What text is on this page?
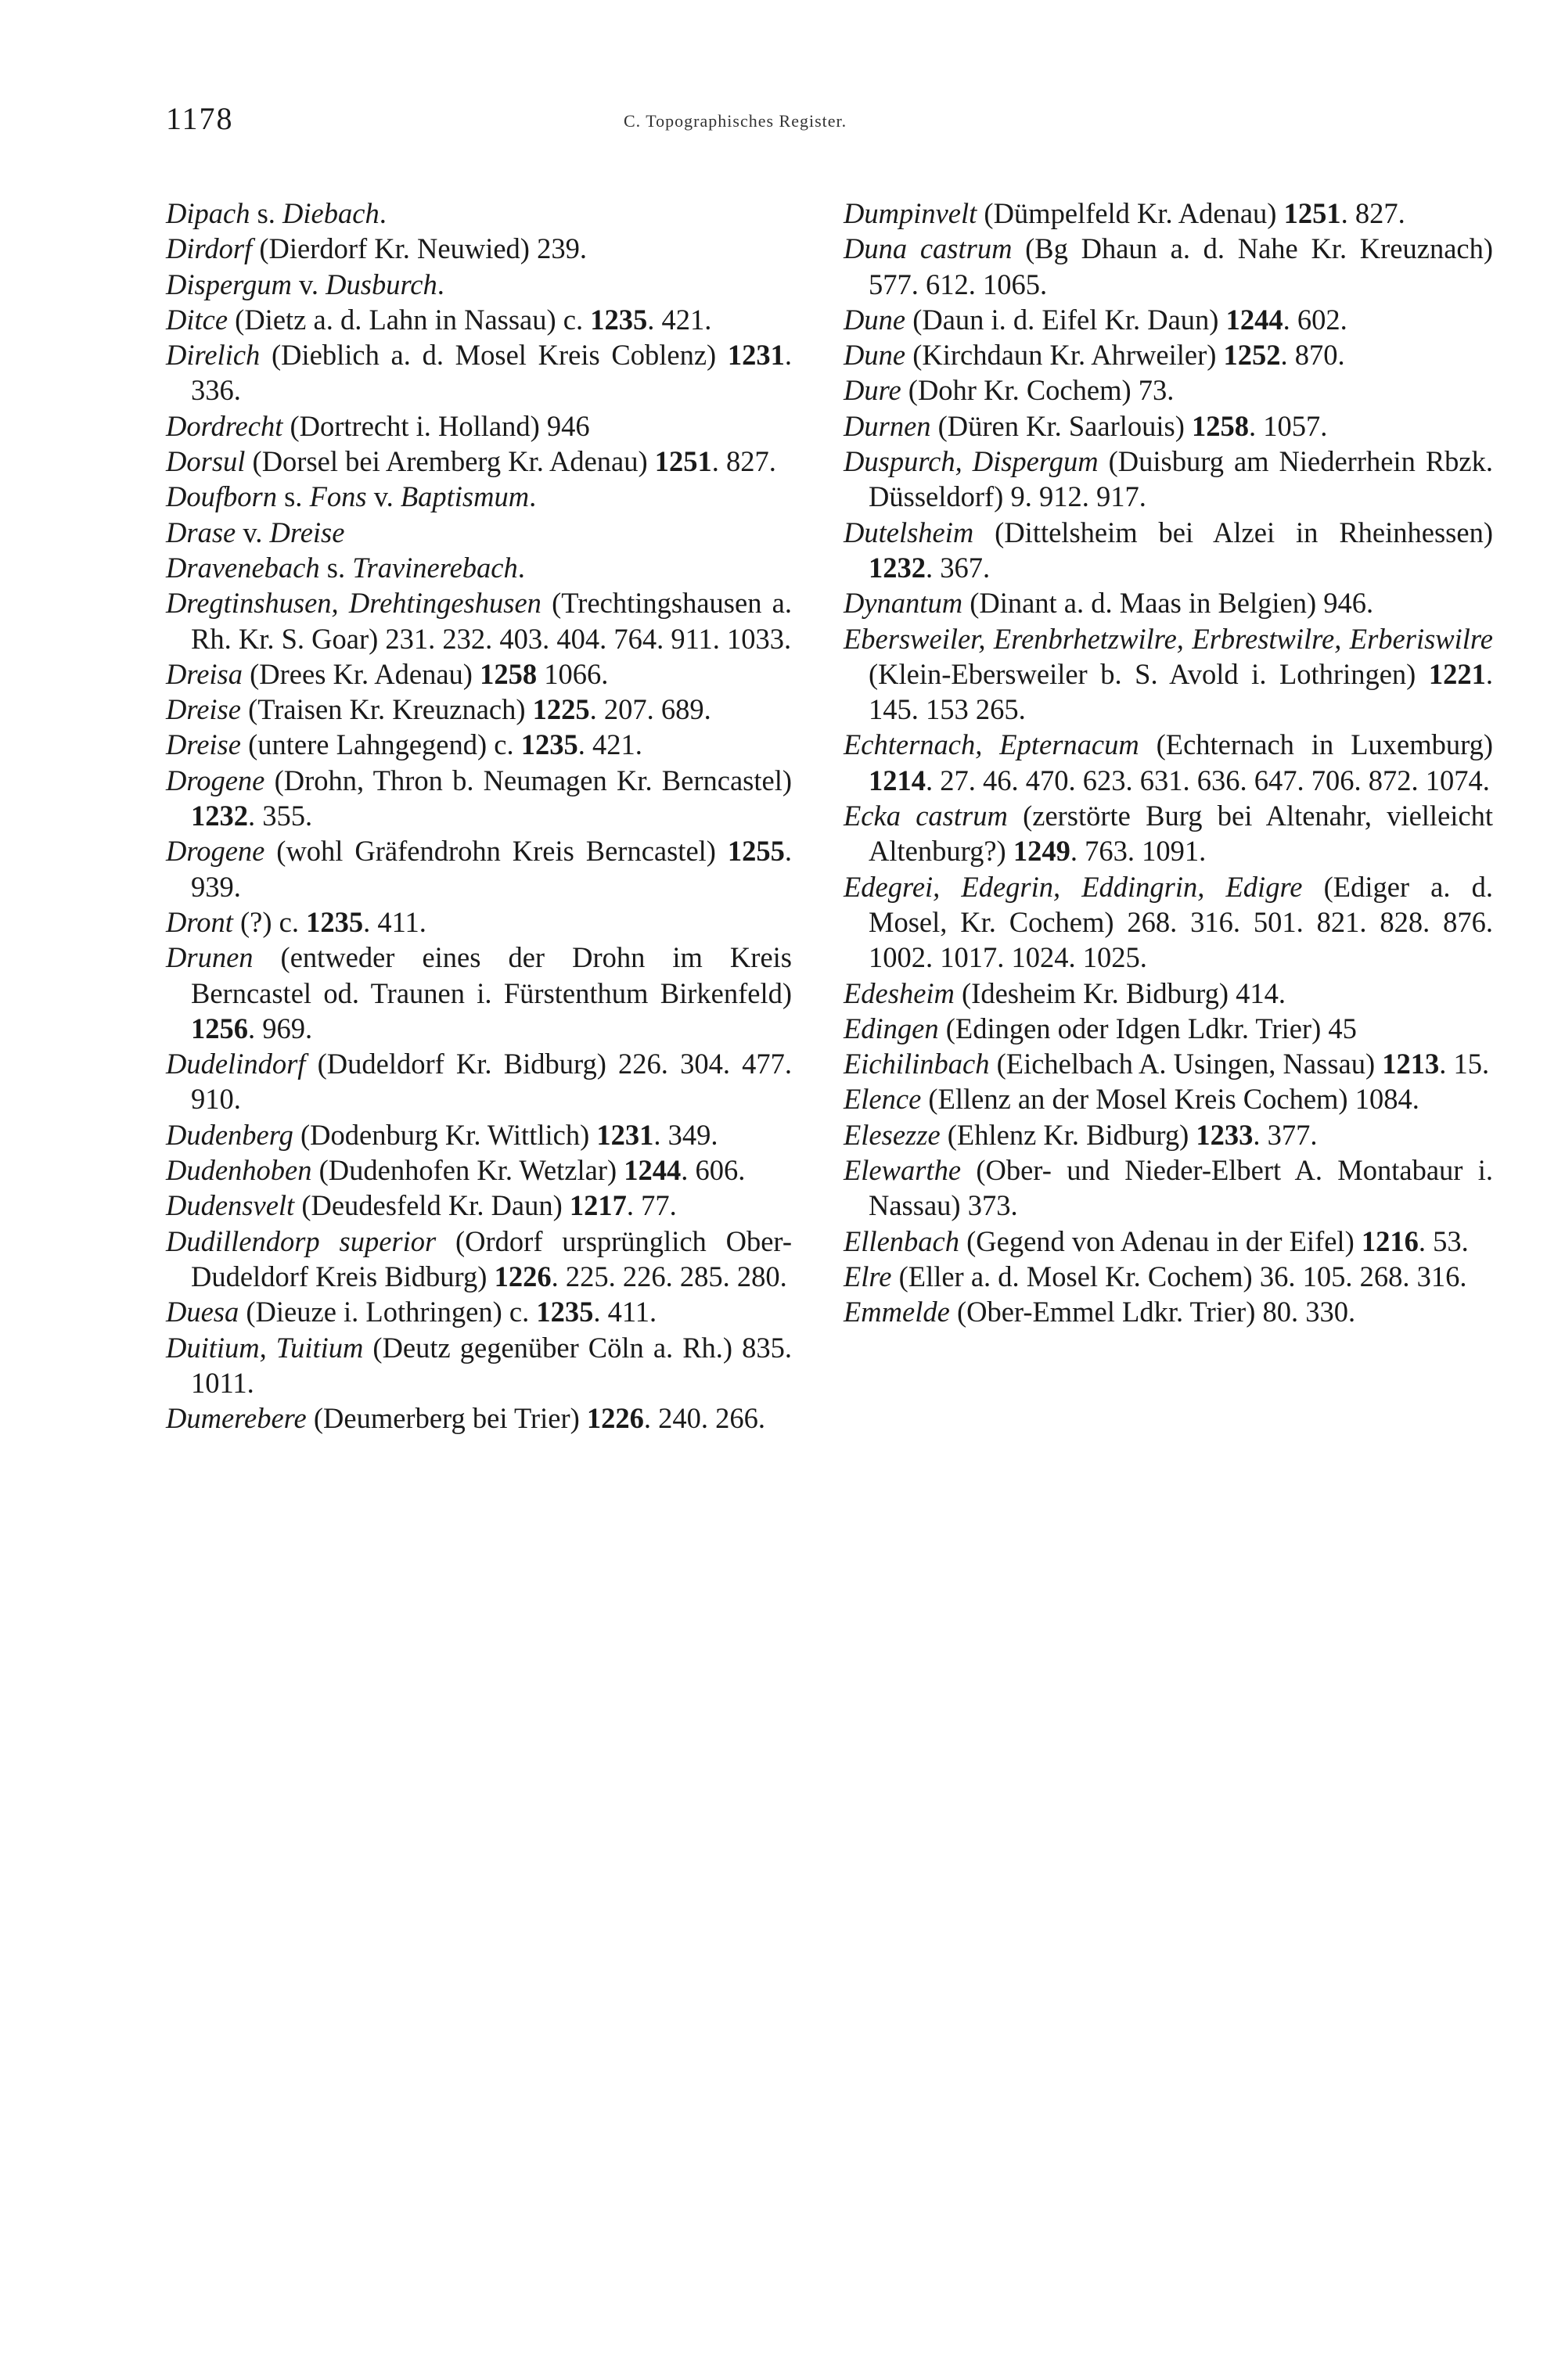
1178	C. Topographisches Register.

Dipach s. Diebach.

Dirdorf (Dierdorf Kr. Neuwied) 239.

Dispergum v. Dusburch.

Ditce (Dietz a. d. Lahn in Nassau) c. 1235. 421.

Direlich (Dieblich a. d. Mosel Kreis Coblenz) 1231. 336.

Dordrecht (Dortrecht i. Holland) 946

Dorsul (Dorsel bei Aremberg Kr. Adenau) 1251. 827.

Doufborn s. Fons v. Baptismum.

Drase v. Dreise

Dravenebach s. Travinerebach.

Dregtinshusen, Drehtingeshusen (Trechtingshausen a. Rh. Kr. S. Goar) 231. 232. 403. 404. 764. 911. 1033.

Dreisa (Drees Kr. Adenau) 1258 1066.

Dreise (Traisen Kr. Kreuznach) 1225. 207. 689.

Dreise (untere Lahngegend) c. 1235. 421.

Drogene (Drohn, Thron b. Neumagen Kr. Berncastel) 1232. 355.

Drogene (wohl Gräfendrohn Kreis Berncastel) 1255. 939.

Dront (?) c. 1235. 411.

Drunen (entweder eines der Drohn im Kreis Berncastel od. Traunen i. Fürstenthum Birkenfeld) 1256. 969.

Dudelindorf (Dudeldorf Kr. Bidburg) 226. 304. 477. 910.

Dudenberg (Dodenburg Kr. Wittlich) 1231. 349.

Dudenhoben (Dudenhofen Kr. Wetzlar) 1244. 606.

Dudensvelt (Deudesfeld Kr. Daun) 1217. 77.

Dudillendorp superior (Ordorf ursprünglich Ober-Dudeldorf Kreis Bidburg) 1226. 225. 226. 285. 280.

Duesa (Dieuze i. Lothringen) c. 1235. 411.

Duitium, Tuitium (Deutz gegenüber Cöln a. Rh.) 835. 1011.

Dumerebere (Deumerberg bei Trier) 1226. 240. 266.

Dumpinvelt (Dümpelfeld Kr. Adenau) 1251. 827.

Duna castrum (Bg Dhaun a. d. Nahe Kr. Kreuznach) 577. 612. 1065.

Dune (Daun i. d. Eifel Kr. Daun) 1244. 602.

Dune (Kirchdaun Kr. Ahrweiler) 1252. 870.

Dure (Dohr Kr. Cochem) 73.

Durnen (Düren Kr. Saarlouis) 1258. 1057.

Duspurch, Dispergum (Duisburg am Niederrhein Rbzk. Düsseldorf) 9. 912. 917.

Dutelsheim (Dittelsheim bei Alzei in Rheinhessen) 1232. 367.

Dynantum (Dinant a. d. Maas in Belgien) 946.

Ebersweiler, Erenbrhetzwilre, Erbrestwilre, Erberiswilre (Klein-Ebersweiler b. S. Avold i. Lothringen) 1221. 145. 153 265.

Echternach, Epternacum (Echternach in Luxemburg) 1214. 27. 46. 470. 623. 631. 636. 647. 706. 872. 1074.

Ecka castrum (zerstörte Burg bei Altenahr, vielleicht Altenburg?) 1249. 763. 1091.

Edegrei, Edegrin, Eddingrin, Edigre (Ediger a. d. Mosel, Kr. Cochem) 268. 316. 501. 821. 828. 876. 1002. 1017. 1024. 1025.

Edesheim (Idesheim Kr. Bidburg) 414.

Edingen (Edingen oder Idgen Ldkr. Trier) 45

Eichilinbach (Eichelbach A. Usingen, Nassau) 1213. 15.

Elence (Ellenz an der Mosel Kreis Cochem) 1084.

Elesezze (Ehlenz Kr. Bidburg) 1233. 377.

Elewarthe (Ober- und Nieder-Elbert A. Montabaur i. Nassau) 373.

Ellenbach (Gegend von Adenau in der Eifel) 1216. 53.

Elre (Eller a. d. Mosel Kr. Cochem) 36. 105. 268. 316.

Emmelde (Ober-Emmel Ldkr. Trier) 80. 330.
